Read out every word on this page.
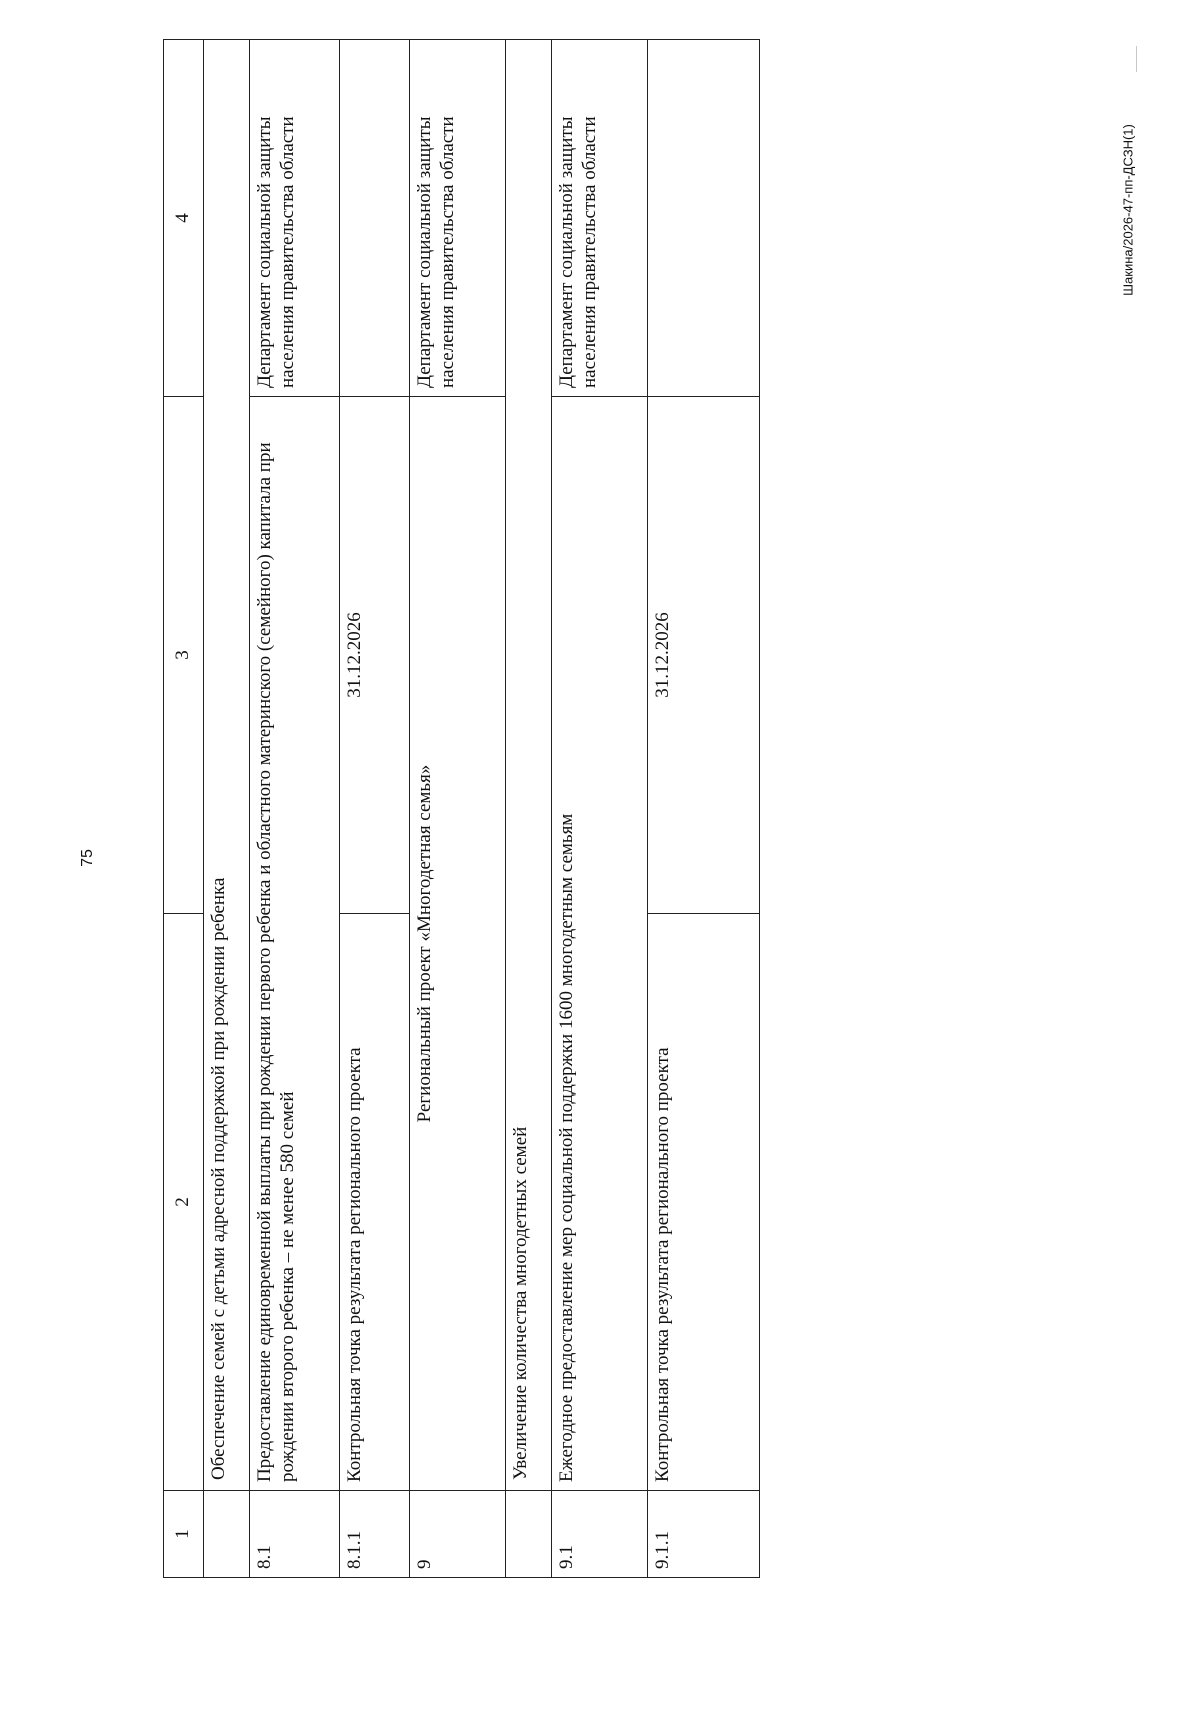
75
Шакина/2026-47-пп-ДСЗН(1)
1	2	3	4
	Обеспечение семей с детьми адресной поддержкой при рождении ребенка		
8.1	Предоставление единовременной выплаты при рождении первого ребенка и областного материнского (семейного) капитала при рождении второго ребенка – не менее 580 семей		Департамент социальной защиты населения правительства области
8.1.1	Контрольная точка результата регионального проекта	31.12.2026	
9	Региональный проект «Многодетная семья»		Департамент социальной защиты населения правительства области
	Увеличение количества многодетных семей		
9.1	Ежегодное предоставление мер социальной поддержки 1600 многодетным семьям		Департамент социальной защиты населения правительства области
9.1.1	Контрольная точка результата регионального проекта	31.12.2026	
